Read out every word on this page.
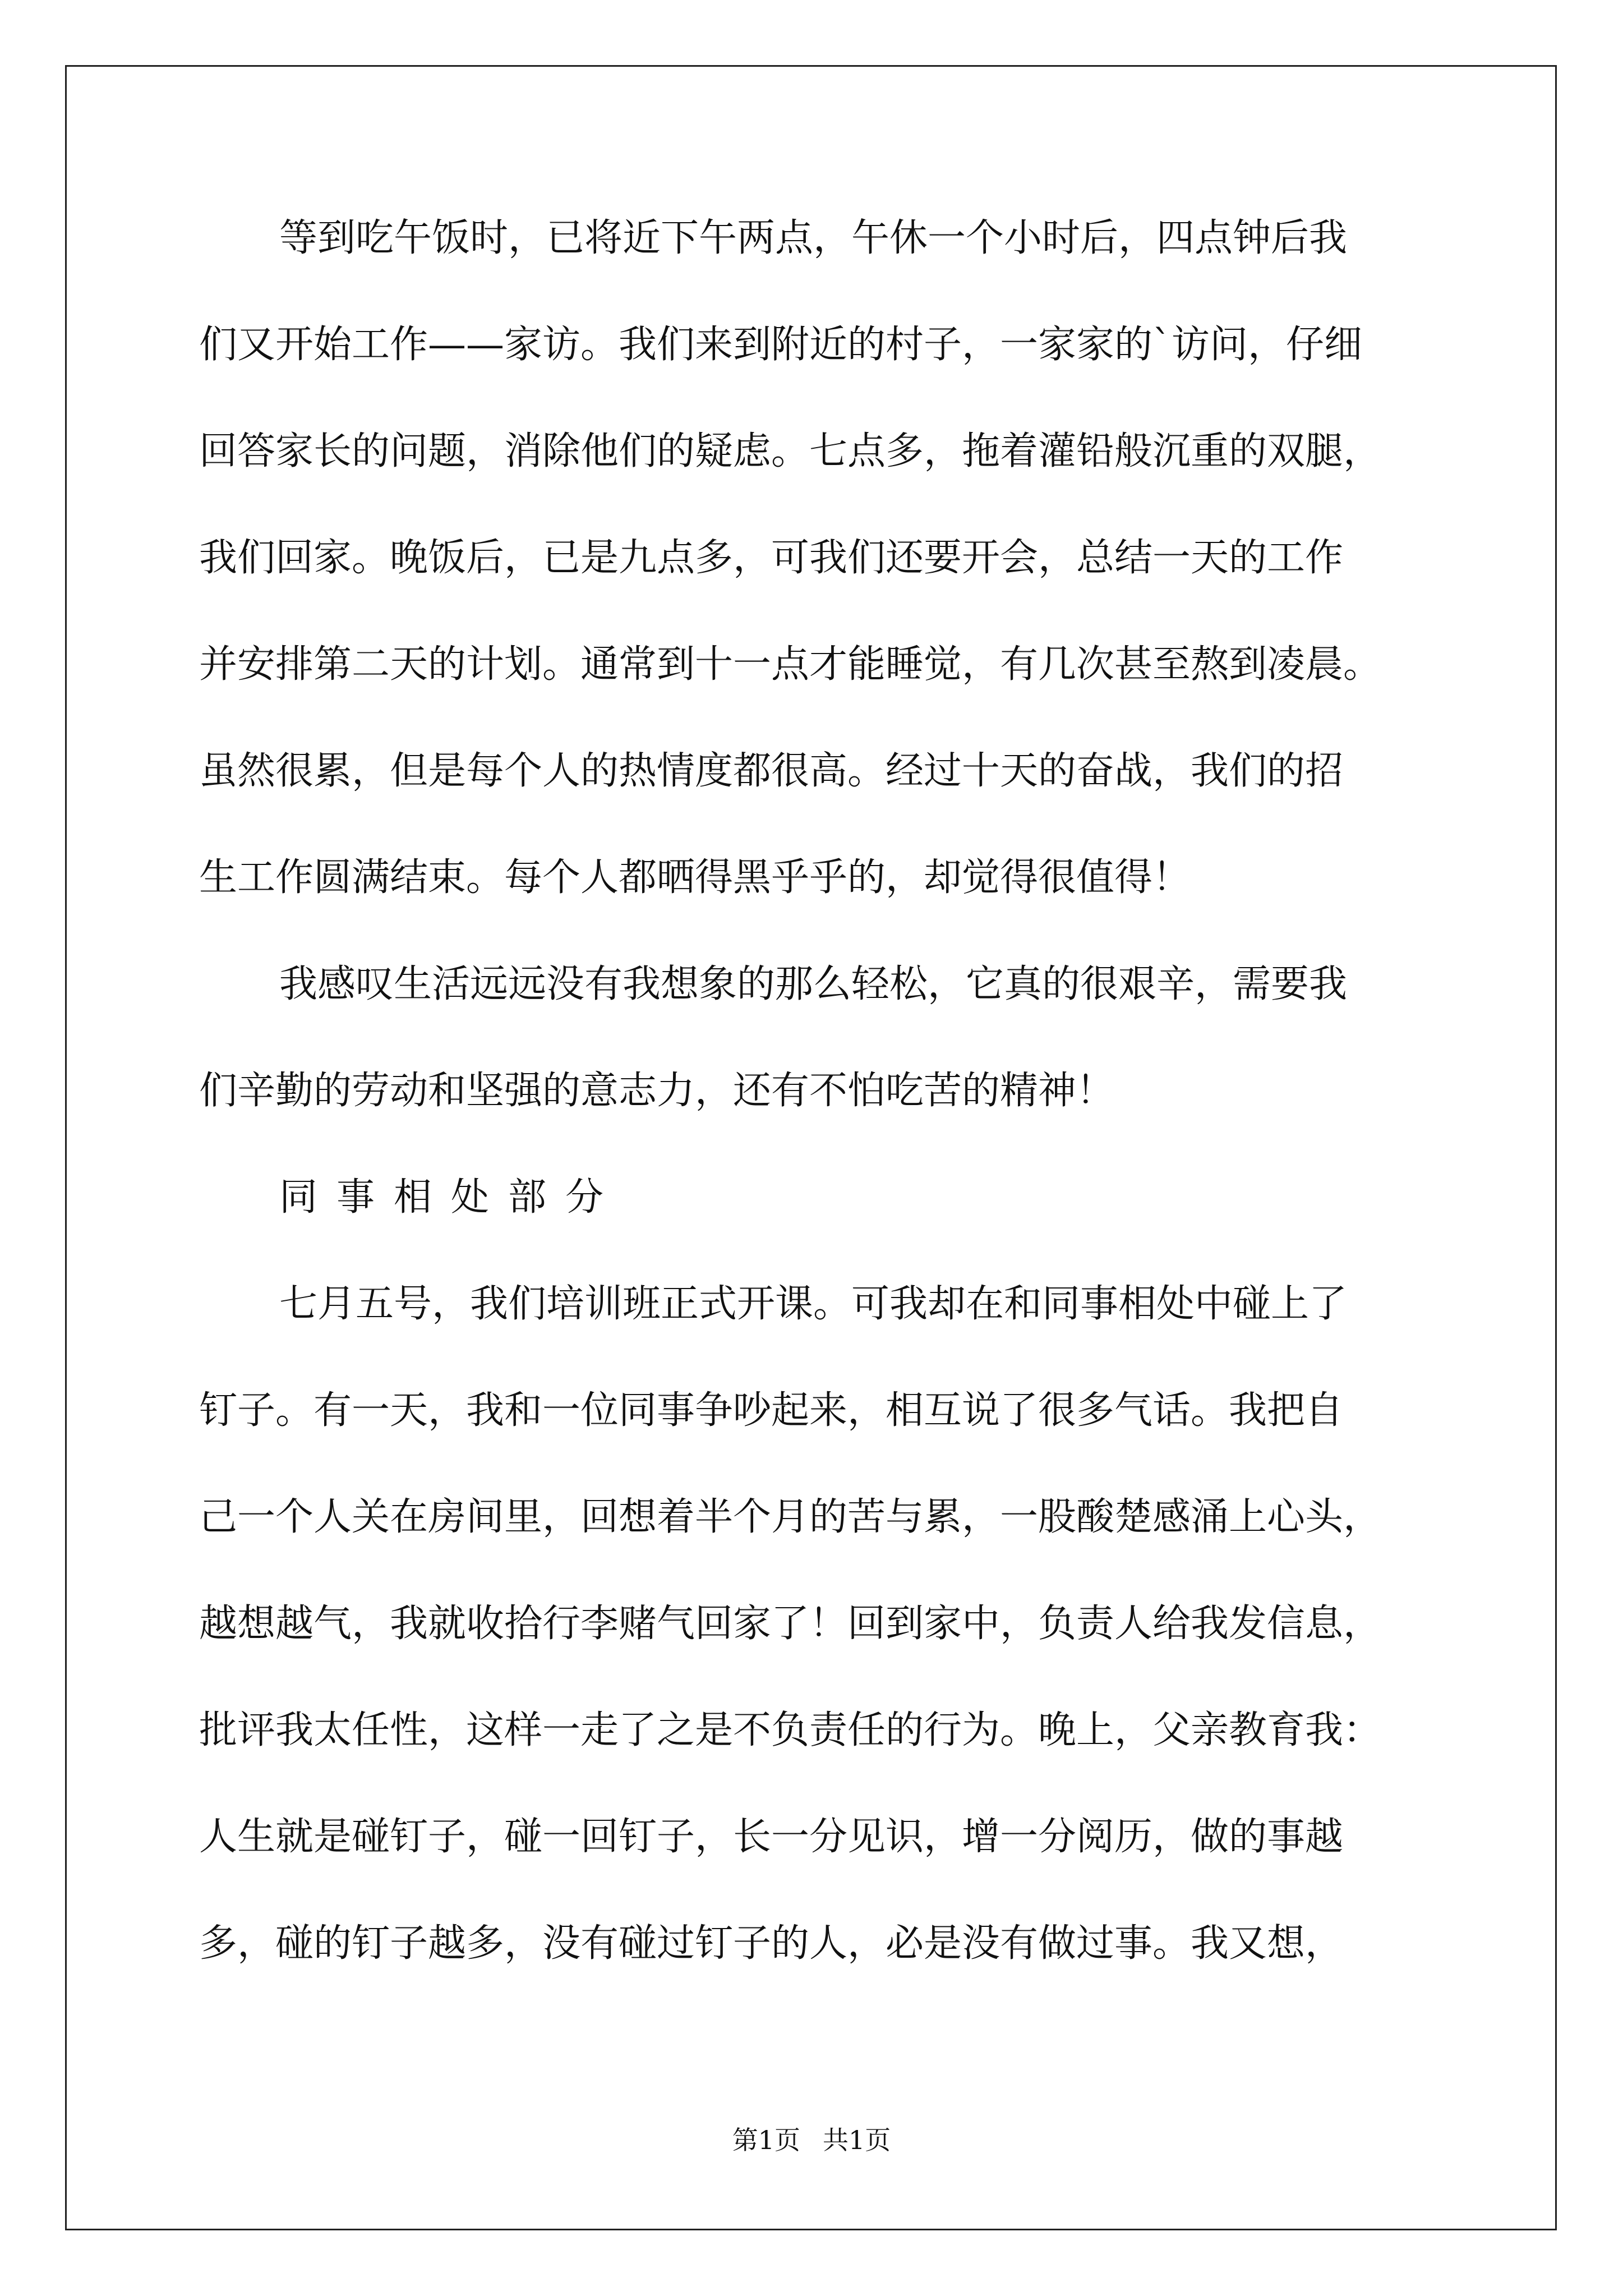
等到吃午饭时，已将近下午两点，午休一个小时后，四点钟后我
们又开始工作——家访。我们来到附近的村子，一家家的`访问，仔细
回答家长的问题，消除他们的疑虑。七点多，拖着灌铅般沉重的双腿，
我们回家。晚饭后，已是九点多，可我们还要开会，总结一天的工作
并安排第二天的计划。通常到十一点才能睡觉，有几次甚至熬到凌晨。
虽然很累，但是每个人的热情度都很高。经过十天的奋战，我们的招
生工作圆满结束。每个人都晒得黑乎乎的，却觉得很值得！
我感叹生活远远没有我想象的那么轻松，它真的很艰辛，需要我
们辛勤的劳动和坚强的意志力，还有不怕吃苦的精神！
同事相处部分
七月五号，我们培训班正式开课。可我却在和同事相处中碰上了
钉子。有一天，我和一位同事争吵起来，相互说了很多气话。我把自
己一个人关在房间里，回想着半个月的苦与累，一股酸楚感涌上心头，
越想越气，我就收拾行李赌气回家了！回到家中，负责人给我发信息，
批评我太任性，这样一走了之是不负责任的行为。晚上，父亲教育我：
人生就是碰钉子，碰一回钉子，长一分见识，增一分阅历，做的事越
多，碰的钉子越多，没有碰过钉子的人，必是没有做过事。我又想，
第1页 共1页
